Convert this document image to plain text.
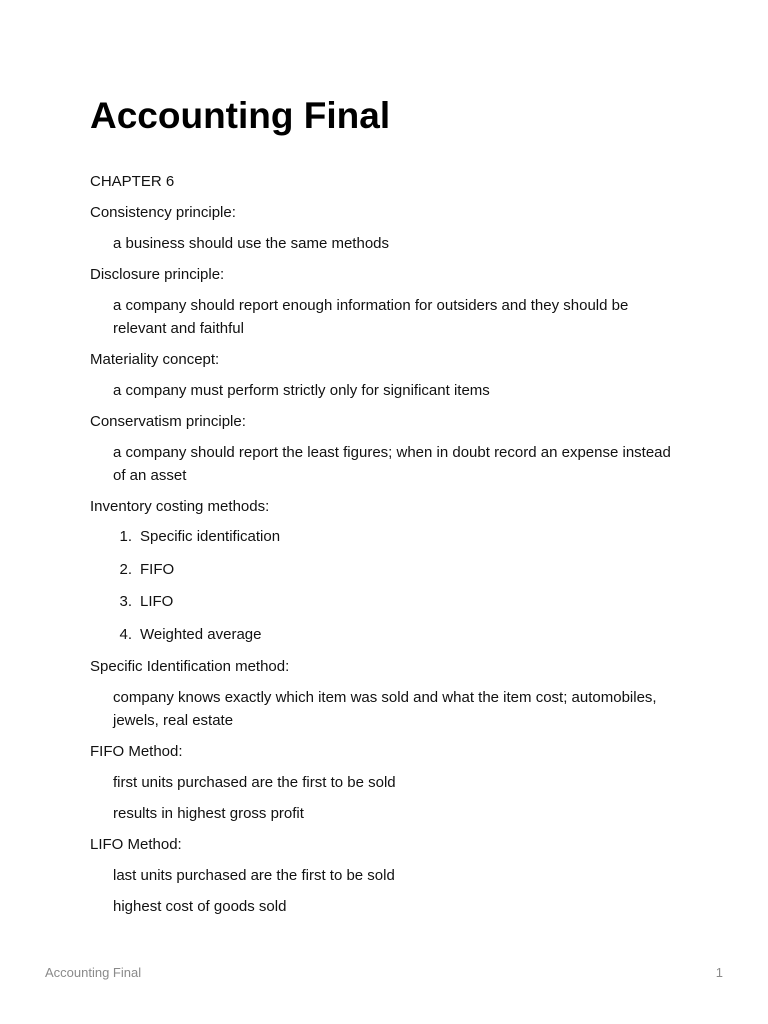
Accounting Final

CHAPTER 6

Consistency principle:

a business should use the same methods

Disclosure principle:

a company should report enough information for outsiders and they should be relevant and faithful

Materiality concept:

a company must perform strictly only for significant items

Conservatism principle:

a company should report the least figures; when in doubt record an expense instead of an asset

Inventory costing methods:

1. Specific identification
2. FIFO
3. LIFO
4. Weighted average

Specific Identification method:

company knows exactly which item was sold and what the item cost; automobiles, jewels, real estate

FIFO Method:

first units purchased are the first to be sold

results in highest gross profit

LIFO Method:

last units purchased are the first to be sold

highest cost of goods sold

Accounting Final	1
